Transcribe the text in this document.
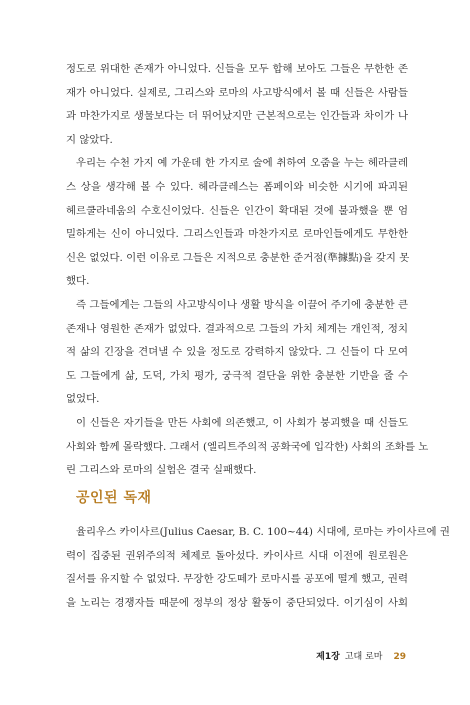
정도로 위대한 존재가 아니었다. 신들을 모두 합해 보아도 그들은 무한한 존

재가 아니었다. 실제로, 그리스와 로마의 사고방식에서 볼 때 신들은 사람들

과 마찬가지로 생물보다는 더 뛰어났지만 근본적으로는 인간들과 차이가 나

지 않았다.

우리는 수천 가지 예 가운데 한 가지로 술에 취하여 오줌을 누는 헤라클레

스 상을 생각해 볼 수 있다. 헤라클레스는 폼페이와 비슷한 시기에 파괴된

헤르쿨라네움의 수호신이었다. 신들은 인간이 확대된 것에 불과했을 뿐 엄

밀하게는 신이 아니었다. 그리스인들과 마찬가지로 로마인들에게도 무한한

신은 없었다. 이런 이유로 그들은 지적으로 충분한 준거점(準據點)을 갖지 못

했다.

즉 그들에게는 그들의 사고방식이나 생활 방식을 이끌어 주기에 충분한 큰

존재나 영원한 존재가 없었다. 결과적으로 그들의 가치 체계는 개인적, 정치

적 삶의 긴장을 견뎌낼 수 있을 정도로 강력하지 않았다. 그 신들이 다 모여

도 그들에게 삶, 도덕, 가치 평가, 궁극적 결단을 위한 충분한 기반을 줄 수

없었다.

이 신들은 자기들을 만든 사회에 의존했고, 이 사회가 붕괴했을 때 신들도

사회와 함께 몰락했다. 그래서 (엘리트주의적 공화국에 입각한) 사회의 조화를 노

린 그리스와 로마의 실험은 결국 실패했다.

공인된 독재

율리우스 카이사르(Julius Caesar, B. C. 100~44) 시대에, 로마는 카이사르에 권

력이 집중된 권위주의적 체제로 돌아섰다. 카이사르 시대 이전에 원로원은

질서를 유지할 수 없었다. 무장한 강도떼가 로마시를 공포에 떨게 했고, 권력

을 노리는 경쟁자들 때문에 정부의 정상 활동이 중단되었다. 이기심이 사회

제1장 고대 로마 29
